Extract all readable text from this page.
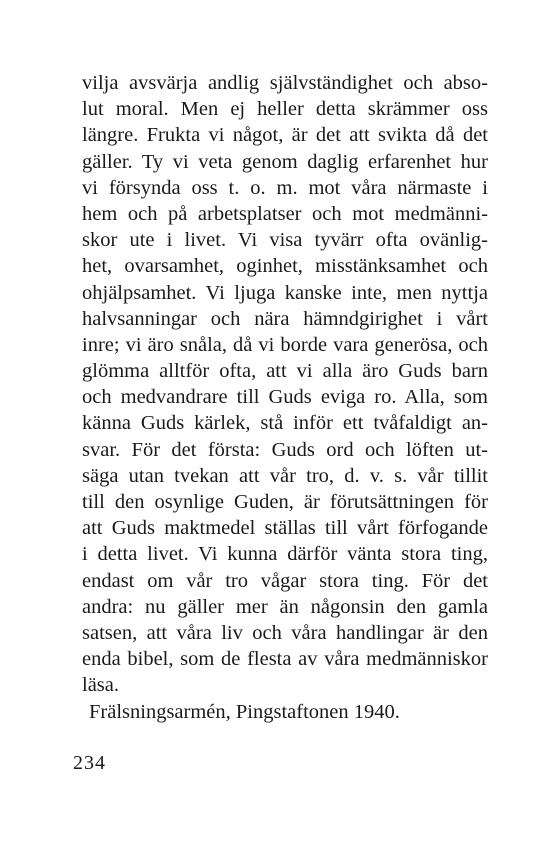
vilja avsvärja andlig självständighet och abso-
lut moral. Men ej heller detta skrämmer oss
längre. Frukta vi något, är det att svikta då det
gäller. Ty vi veta genom daglig erfarenhet hur
vi försynda oss t. o. m. mot våra närmaste i
hem och på arbetsplatser och mot medmänni-
skor ute i livet. Vi visa tyvärr ofta ovänlig-
het, ovarsamhet, oginhet, misstänksamhet och
ohjälpsamhet. Vi ljuga kanske inte, men nyttja
halvsanningar och nära hämndgirighet i vårt
inre; vi äro snåla, då vi borde vara generösa, och
glömma alltför ofta, att vi alla äro Guds barn
och medvandrare till Guds eviga ro. Alla, som
känna Guds kärlek, stå inför ett tvåfaldigt an-
svar. För det första: Guds ord och löften ut-
säga utan tvekan att vår tro, d. v. s. vår tillit
till den osynlige Guden, är förutsättningen för
att Guds maktmedel ställas till vårt förfogande
i detta livet. Vi kunna därför vänta stora ting,
endast om vår tro vågar stora ting. För det
andra: nu gäller mer än någonsin den gamla
satsen, att våra liv och våra handlingar är den
enda bibel, som de flesta av våra medmänniskor
läsa.
Frälsningsarmén, Pingstaftonen 1940.
234
